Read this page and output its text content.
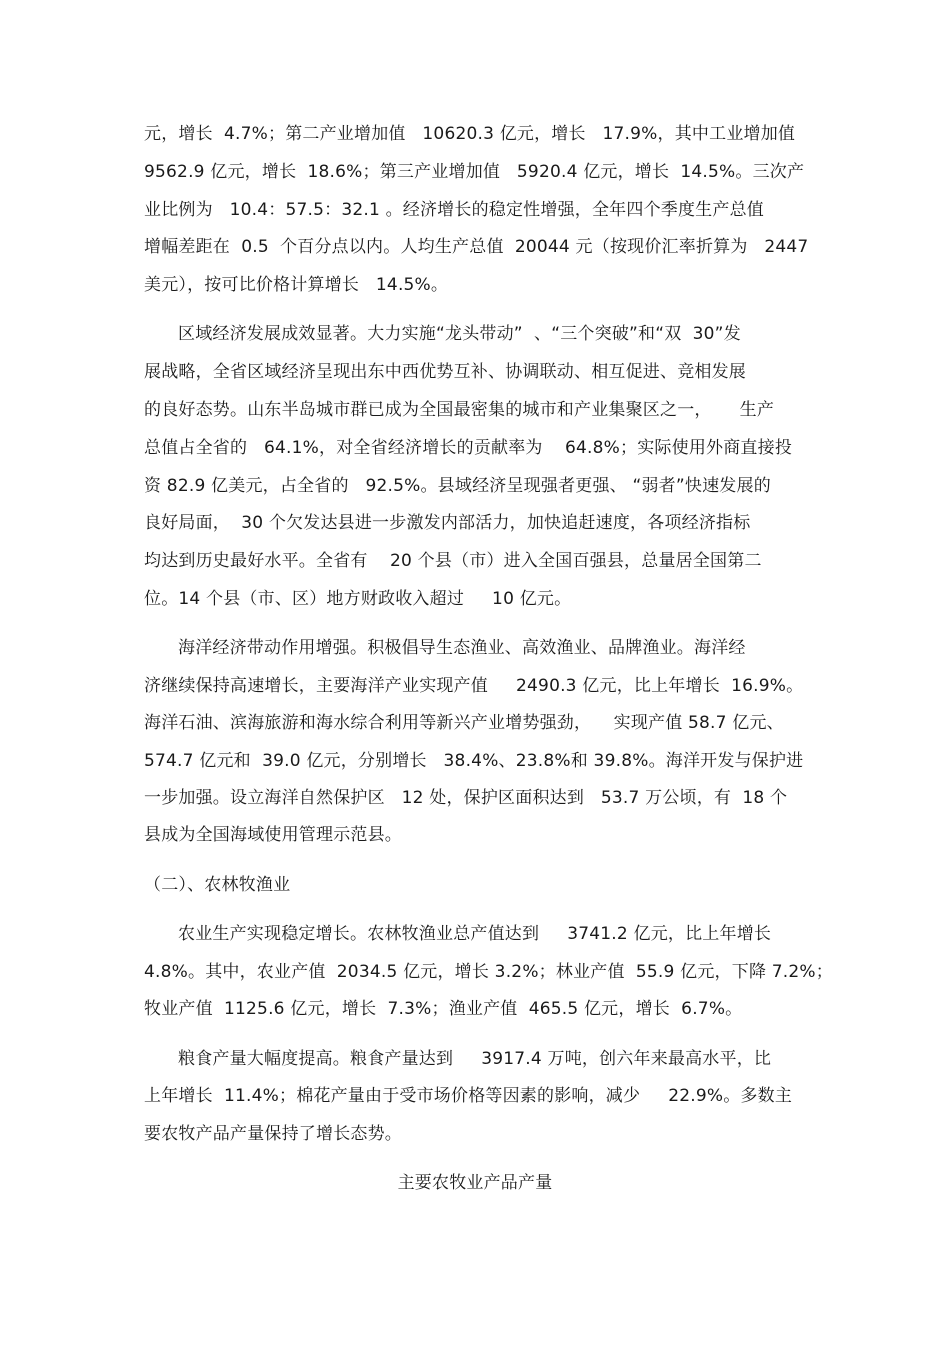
元，增长  4.7%；第二产业增加值   10620.3 亿元，增长   17.9%，其中工业增加值
9562.9 亿元，增长  18.6%；第三产业增加值   5920.4 亿元，增长  14.5%。三次产
业比例为   10.4：57.5：32.1 。经济增长的稳定性增强，全年四个季度生产总值
增幅差距在  0.5  个百分点以内。人均生产总值  20044 元（按现价汇率折算为   2447
美元），按可比价格计算增长   14.5%。
区域经济发展成效显著。大力实施“龙头带动”  、“三个突破”和“双  30”发
展战略，全省区域经济呈现出东中西优势互补、协调联动、相互促进、竞相发展
的良好态势。山东半岛城市群已成为全国最密集的城市和产业集聚区之一，     生产
总值占全省的   64.1%，对全省经济增长的贡献率为    64.8%；实际使用外商直接投
资 82.9 亿美元，占全省的   92.5%。县域经济呈现强者更强、 “弱者”快速发展的
良好局面，  30 个欠发达县进一步激发内部活力，加快追赶速度，各项经济指标
均达到历史最好水平。全省有    20 个县（市）进入全国百强县，总量居全国第二
位。14 个县（市、区）地方财政收入超过     10 亿元。
海洋经济带动作用增强。积极倡导生态渔业、高效渔业、品牌渔业。海洋经
济继续保持高速增长，主要海洋产业实现产值     2490.3 亿元，比上年增长  16.9%。
海洋石油、滨海旅游和海水综合利用等新兴产业增势强劲，    实现产值 58.7 亿元、
574.7 亿元和  39.0 亿元，分别增长   38.4%、23.8%和 39.8%。海洋开发与保护进
一步加强。设立海洋自然保护区   12 处，保护区面积达到   53.7 万公顷，有  18 个
县成为全国海域使用管理示范县。
（二）、农林牧渔业
农业生产实现稳定增长。农林牧渔业总产值达到     3741.2 亿元，比上年增长
4.8%。其中，农业产值  2034.5 亿元，增长 3.2%；林业产值  55.9 亿元，下降 7.2%；
牧业产值  1125.6 亿元，增长  7.3%；渔业产值  465.5 亿元，增长  6.7%。
粮食产量大幅度提高。粮食产量达到     3917.4 万吨，创六年来最高水平，比
上年增长  11.4%；棉花产量由于受市场价格等因素的影响，减少     22.9%。多数主
要农牧产品产量保持了增长态势。
主要农牧业产品产量
